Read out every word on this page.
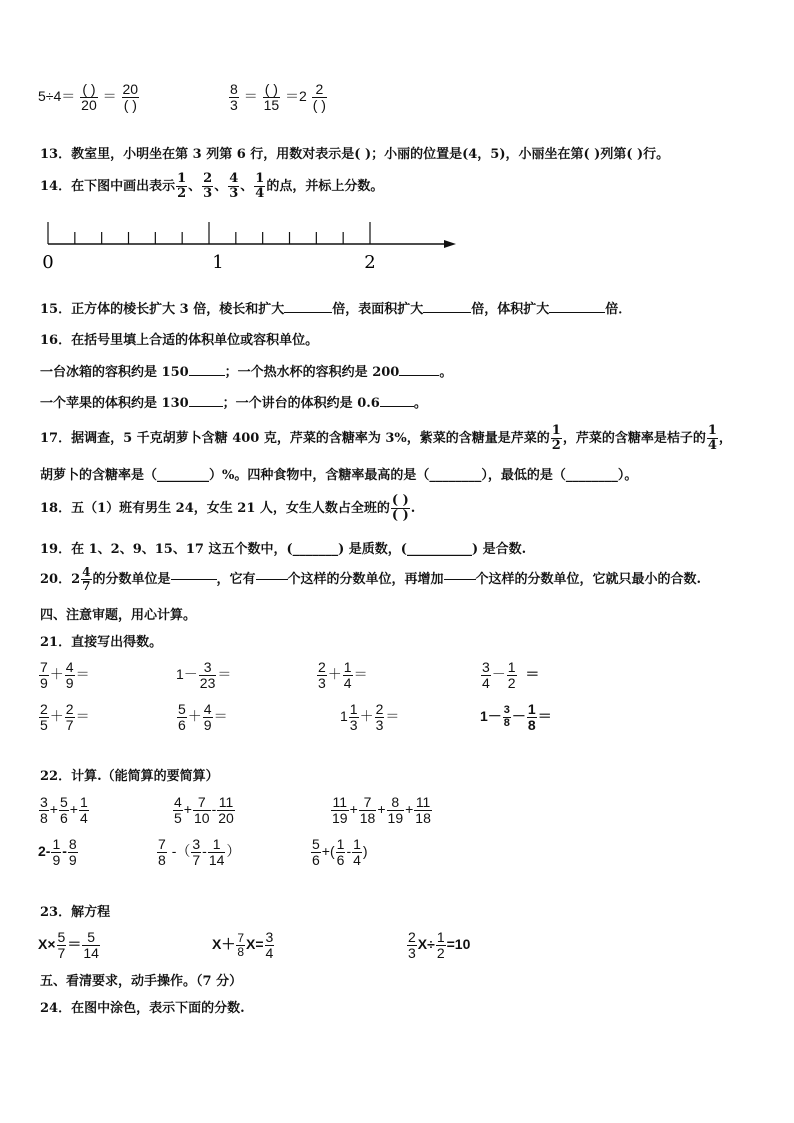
$5\div 4= \frac{( )}{20} = \frac{20}{( )}$	$\frac{8}{3} = \frac{( )}{15} =2 \frac{2}{( )}$
13．教室里，小明坐在第 3 列第 6 行，用数对表示是( )；小丽的位置是(4，5)，小丽坐在第( )列第( )行。
14．在下图中画出表示 $\frac{1}{2}$ 、 $\frac{2}{3}$ 、 $\frac{4}{3}$ 、 $\frac{1}{4}$ 的点，并标上分数。
0	1	2
15．正方体的棱长扩大 3 倍，棱长和扩大	倍，表面积扩大	倍，体积扩大	倍．
16．在括号里填上合适的体积单位或容积单位。
一台冰箱的容积约是 150	；一个热水杯的容积约是 200	。
一个苹果的体积约是 130	；一个讲台的体积约是 0.6	。
17．据调查，5 千克胡萝卜含糖 400 克，芹菜的含糖率为 3%，紫菜的含糖量是芹菜的 $\frac{1}{2}$ ，芹菜的含糖率是桔子的 $\frac{1}{4}$ ，
胡萝卜的含糖率是（________）%。四种食物中，含糖率最高的是（________），最低的是（________）。
18．五（1）班有男生 24，女生 21 人，女生人数占全班的 $\frac{( )}{( )}$ .
19．在 1、2、9、15、17 这五个数中，(_______) 是质数，(__________) 是合数.
20．$2 \frac{4}{7}$ 的分数单位是	，它有 个这样的分数单位，再增加 个这样的分数单位，它就只最小的合数.
四、注意审题，用心计算。
21．直接写出得数。
$\frac{7}{9} + \frac{4}{9}$ ＝	$1- \frac{3}{23}$ ＝	$\frac{2}{3} + \frac{1}{4}$ ＝	$\frac{3}{4} - \frac{1}{2}$ ＝
$\frac{2}{5} + \frac{2}{7}$ ＝	$\frac{5}{6} + \frac{4}{9}$ ＝	$1 \frac{1}{3} + \frac{2}{3}$ ＝	$1- \frac{3}{8} - \frac{1}{8}$ ＝
22．计算.（能简算的要简算）
$\frac{3}{8} + \frac{5}{6} + \frac{1}{4}$	$\frac{4}{5} + \frac{7}{10} - \frac{11}{20}$	$\frac{11}{19} + \frac{7}{18} + \frac{8}{19} + \frac{11}{18}$
$2- \frac{1}{9} - \frac{8}{9}$	$\frac{7}{8}$ -（ $\frac{3}{7} - \frac{1}{14}$ ）	$\frac{5}{6}$ +( $\frac{1}{6} - \frac{1}{4}$ )
23．解方程
$X\times \frac{5}{7} = \frac{5}{14}$	$X+ \frac{7}{8} X= \frac{3}{4}$	$\frac{2}{3} X\div \frac{1}{2} =10$
五、看清要求，动手操作。（7 分）
24．在图中涂色，表示下面的分数.
